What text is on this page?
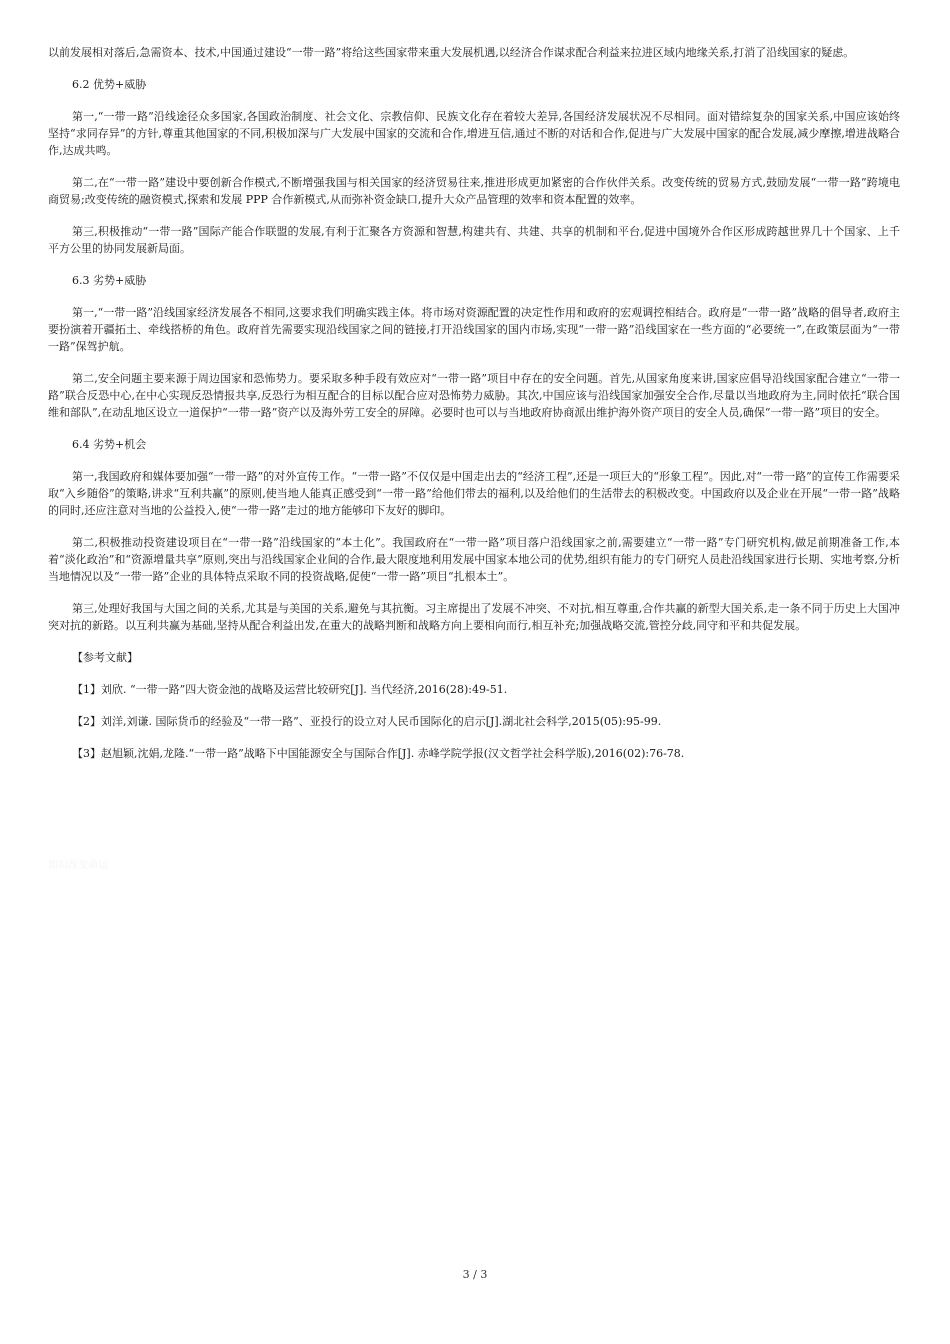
以前发展相对落后,急需资本、技术,中国通过建设“一带一路”将给这些国家带来重大发展机遇,以经济合作谋求配合利益来拉进区域内地缘关系,打消了沿线国家的疑虑。

6.2 优势+威胁

第一,“一带一路”沿线途径众多国家,各国政治制度、社会文化、宗教信仰、民族文化存在着较大差异,各国经济发展状况不尽相同。面对错综复杂的国家关系,中国应该始终坚持“求同存异”的方针,尊重其他国家的不同,积极加深与广大发展中国家的交流和合作,增进互信,通过不断的对话和合作,促进与广大发展中国家的配合发展,减少摩擦,增进战略合作,达成共鸣。

第二,在“一带一路”建设中要创新合作模式,不断增强我国与相关国家的经济贸易往来,推进形成更加紧密的合作伙伴关系。改变传统的贸易方式,鼓励发展“一带一路”跨境电商贸易;改变传统的融资模式,探索和发展 PPP 合作新模式,从而弥补资金缺口,提升大众产品管理的效率和资本配置的效率。

第三,积极推动“一带一路”国际产能合作联盟的发展,有利于汇聚各方资源和智慧,构建共有、共建、共享的机制和平台,促进中国境外合作区形成跨越世界几十个国家、上千平方公里的协同发展新局面。

6.3 劣势+威胁

第一,“一带一路”沿线国家经济发展各不相同,这要求我们明确实践主体。将市场对资源配置的决定性作用和政府的宏观调控相结合。政府是“一带一路”战略的倡导者,政府主要扮演着开疆拓土、牵线搭桥的角色。政府首先需要实现沿线国家之间的链接,打开沿线国家的国内市场,实现“一带一路”沿线国家在一些方面的“必要统一”,在政策层面为“一带一路”保驾护航。

第二,安全问题主要来源于周边国家和恐怖势力。要采取多种手段有效应对“一带一路”项目中存在的安全问题。首先,从国家角度来讲,国家应倡导沿线国家配合建立“一带一路”联合反恐中心,在中心实现反恐情报共享,反恐行为相互配合的目标以配合应对恐怖势力威胁。其次,中国应该与沿线国家加强安全合作,尽量以当地政府为主,同时依托“联合国维和部队”,在动乱地区设立一道保护“一带一路”资产以及海外劳工安全的屏障。必要时也可以与当地政府协商派出维护海外资产项目的安全人员,确保“一带一路”项目的安全。

6.4 劣势+机会

第一,我国政府和媒体要加强“一带一路”的对外宣传工作。“一带一路”不仅仅是中国走出去的“经济工程”,还是一项巨大的“形象工程”。因此,对“一带一路”的宣传工作需要采取“入乡随俗”的策略,讲求“互利共赢”的原则,使当地人能真正感受到“一带一路”给他们带去的福利,以及给他们的生活带去的积极改变。中国政府以及企业在开展“一带一路”战略的同时,还应注意对当地的公益投入,使“一带一路”走过的地方能够印下友好的脚印。

第二,积极推动投资建设项目在“一带一路”沿线国家的“本土化”。我国政府在“一带一路”项目落户沿线国家之前,需要建立“一带一路”专门研究机构,做足前期准备工作,本着“淡化政治”和“资源增量共享”原则,突出与沿线国家企业间的合作,最大限度地利用发展中国家本地公司的优势,组织有能力的专门研究人员赴沿线国家进行长期、实地考察,分析当地情况以及“一带一路”企业的具体特点采取不同的投资战略,促使“一带一路”项目“扎根本土”。

第三,处理好我国与大国之间的关系,尤其是与美国的关系,避免与其抗衡。习主席提出了发展不冲突、不对抗,相互尊重,合作共赢的新型大国关系,走一条不同于历史上大国冲突对抗的新路。以互利共赢为基础,坚持从配合利益出发,在重大的战略判断和战略方向上要相向而行,相互补充;加强战略交流,管控分歧,同守和平和共促发展。

【参考文献】

【1】刘欣. “一带一路”四大资金池的战略及运营比较研究[J]. 当代经济,2016(28):49-51.

【2】刘洋,刘谦. 国际货币的经验及“一带一路”、亚投行的设立对人民币国际化的启示[J].湖北社会科学,2015(05):95-99.

【3】赵旭颖,沈娟,龙隆.“一带一路”战略下中国能源安全与国际合作[J]. 赤峰学院学报(汉文哲学社会科学版),2016(02):76-78.

知识改变命运
3 / 3
